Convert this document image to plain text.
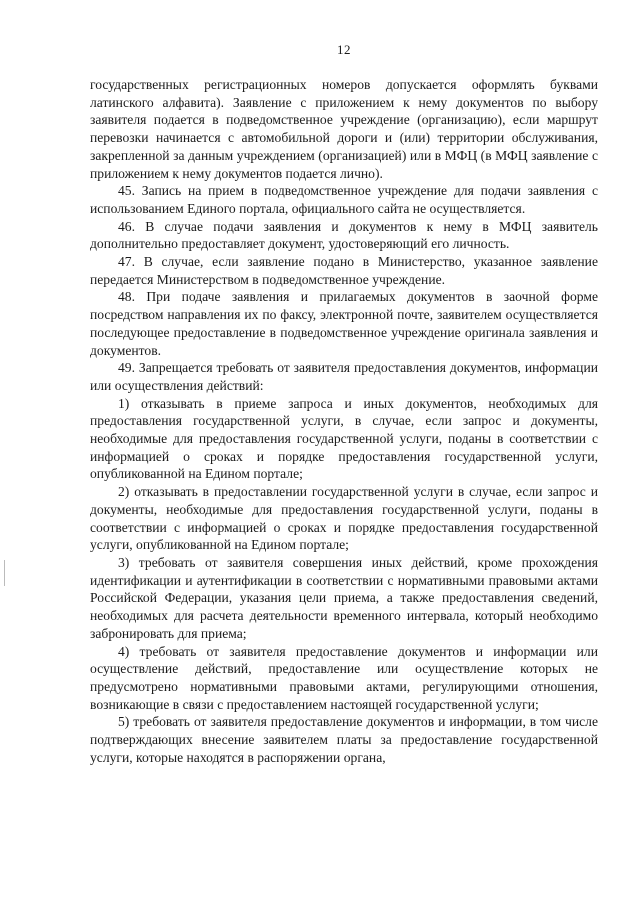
12

государственных регистрационных номеров допускается оформлять буквами латинского алфавита). Заявление с приложением к нему документов по выбору заявителя подается в подведомственное учреждение (организацию), если маршрут перевозки начинается с автомобильной дороги и (или) территории обслуживания, закрепленной за данным учреждением (организацией) или в МФЦ (в МФЦ заявление с приложением к нему документов подается лично).

45. Запись на прием в подведомственное учреждение для подачи заявления с использованием Единого портала, официального сайта не осуществляется.

46. В случае подачи заявления и документов к нему в МФЦ заявитель дополнительно предоставляет документ, удостоверяющий его личность.

47. В случае, если заявление подано в Министерство, указанное заявление передается Министерством в подведомственное учреждение.

48. При подаче заявления и прилагаемых документов в заочной форме посредством направления их по факсу, электронной почте, заявителем осуществляется последующее предоставление в подведомственное учреждение оригинала заявления и документов.

49. Запрещается требовать от заявителя предоставления документов, информации или осуществления действий:

1) отказывать в приеме запроса и иных документов, необходимых для предоставления государственной услуги, в случае, если запрос и документы, необходимые для предоставления государственной услуги, поданы в соответствии с информацией о сроках и порядке предоставления государственной услуги, опубликованной на Едином портале;

2) отказывать в предоставлении государственной услуги в случае, если запрос и документы, необходимые для предоставления государственной услуги, поданы в соответствии с информацией о сроках и порядке предоставления государственной услуги, опубликованной на Едином портале;

3) требовать от заявителя совершения иных действий, кроме прохождения идентификации и аутентификации в соответствии с нормативными правовыми актами Российской Федерации, указания цели приема, а также предоставления сведений, необходимых для расчета деятельности временного интервала, который необходимо забронировать для приема;

4) требовать от заявителя предоставление документов и информации или осуществление действий, предоставление или осуществление которых не предусмотрено нормативными правовыми актами, регулирующими отношения, возникающие в связи с предоставлением настоящей государственной услуги;

5) требовать от заявителя предоставление документов и информации, в том числе подтверждающих внесение заявителем платы за предоставление государственной услуги, которые находятся в распоряжении органа,
